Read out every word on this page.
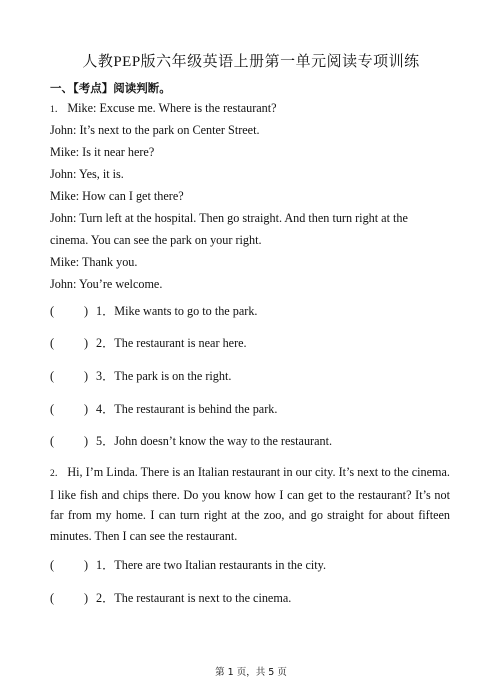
人教PEP版六年级英语上册第一单元阅读专项训练
一、【考点】阅读判断。
1． Mike: Excuse me. Where is the restaurant?
John: It’s next to the park on Center Street.
Mike: Is it near here?
John: Yes, it is.
Mike: How can I get there?
John: Turn left at the hospital. Then go straight. And then turn right at the
cinema. You can see the park on your right.
Mike: Thank you.
John: You’re welcome.
( ) 1．Mike wants to go to the park.
( ) 2．The restaurant is near here.
( ) 3．The park is on the right.
( ) 4．The restaurant is behind the park.
( ) 5．John doesn’t know the way to the restaurant.
2． Hi, I’m Linda. There is an Italian restaurant in our city. It’s next to the cinema. I like fish and chips there. Do you know how I can get to the restaurant? It’s not far from my home. I can turn right at the zoo, and go straight for about fifteen minutes. Then I can see the restaurant.
( ) 1．There are two Italian restaurants in the city.
( ) 2．The restaurant is next to the cinema.
第 1 页，共 5 页
